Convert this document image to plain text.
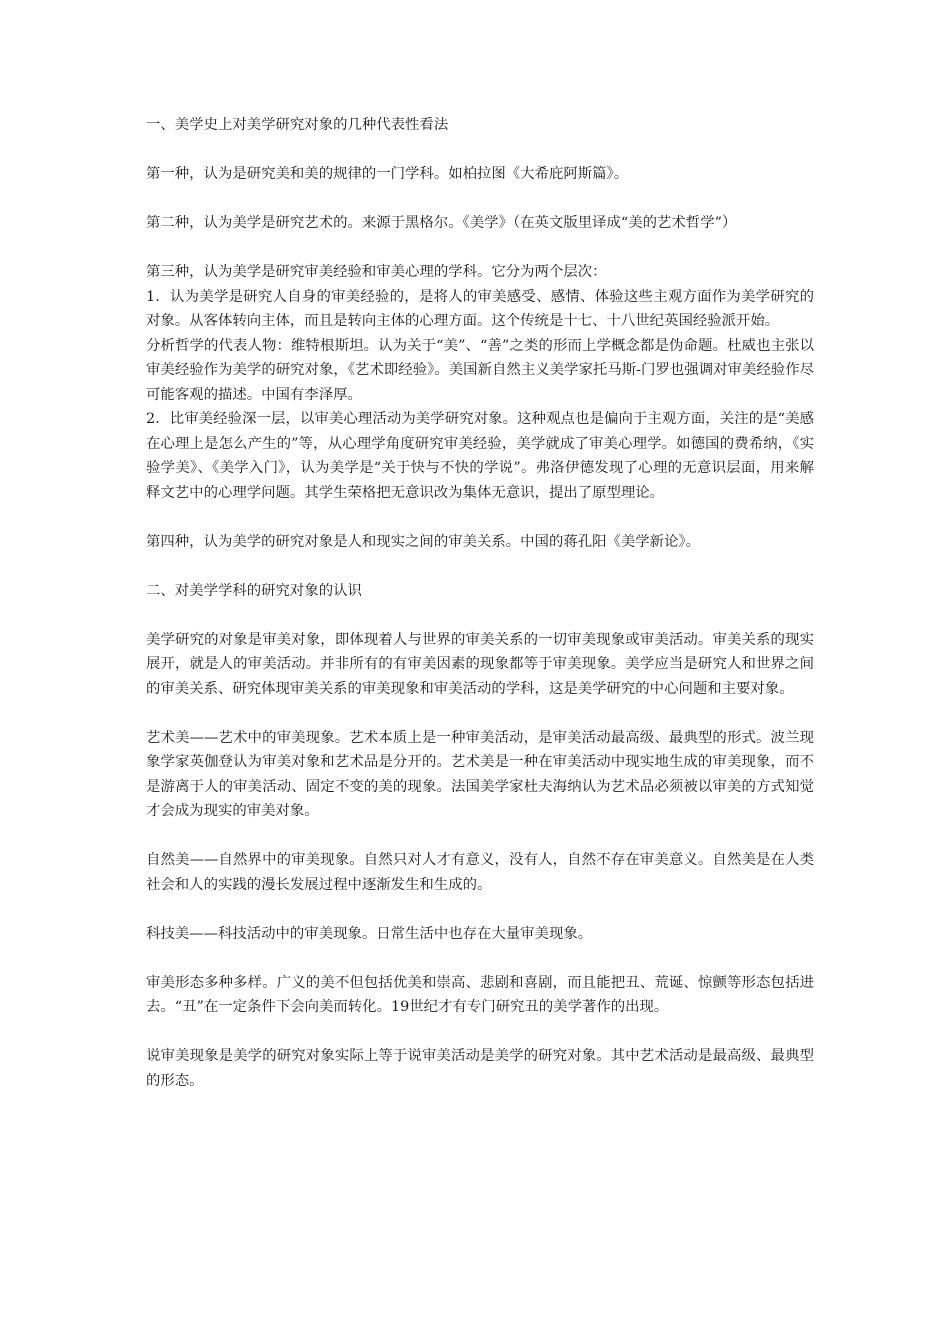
一、美学史上对美学研究对象的几种代表性看法

第一种，认为是研究美和美的规律的一门学科。如柏拉图《大希庇阿斯篇》。

第二种，认为美学是研究艺术的。来源于黑格尔。《美学》（在英文版里译成“美的艺术哲学”）

第三种，认为美学是研究审美经验和审美心理的学科。它分为两个层次：

1．认为美学是研究人自身的审美经验的，是将人的审美感受、感情、体验这些主观方面作为美学研究的对象。从客体转向主体，而且是转向主体的心理方面。这个传统是十七、十八世纪英国经验派开始。

分析哲学的代表人物：维特根斯坦。认为关于“美”、“善”之类的形而上学概念都是伪命题。杜威也主张以审美经验作为美学的研究对象，《艺术即经验》。美国新自然主义美学家托马斯-门罗也强调对审美经验作尽可能客观的描述。中国有李泽厚。

2．比审美经验深一层，以审美心理活动为美学研究对象。这种观点也是偏向于主观方面，关注的是“美感在心理上是怎么产生的”等，从心理学角度研究审美经验，美学就成了审美心理学。如德国的费希纳，《实验学美》、《美学入门》，认为美学是“关于快与不快的学说”。弗洛伊德发现了心理的无意识层面，用来解释文艺中的心理学问题。其学生荣格把无意识改为集体无意识，提出了原型理论。

第四种，认为美学的研究对象是人和现实之间的审美关系。中国的蒋孔阳《美学新论》。

二、对美学学科的研究对象的认识

美学研究的对象是审美对象，即体现着人与世界的审美关系的一切审美现象或审美活动。审美关系的现实展开，就是人的审美活动。并非所有的有审美因素的现象都等于审美现象。美学应当是研究人和世界之间的审美关系、研究体现审美关系的审美现象和审美活动的学科，这是美学研究的中心问题和主要对象。

艺术美——艺术中的审美现象。艺术本质上是一种审美活动，是审美活动最高级、最典型的形式。波兰现象学家英伽登认为审美对象和艺术品是分开的。艺术美是一种在审美活动中现实地生成的审美现象，而不是游离于人的审美活动、固定不变的美的现象。法国美学家杜夫海纳认为艺术品必须被以审美的方式知觉才会成为现实的审美对象。

自然美——自然界中的审美现象。自然只对人才有意义，没有人，自然不存在审美意义。自然美是在人类社会和人的实践的漫长发展过程中逐渐发生和生成的。

科技美——科技活动中的审美现象。日常生活中也存在大量审美现象。

审美形态多种多样。广义的美不但包括优美和崇高、悲剧和喜剧，而且能把丑、荒诞、惊颤等形态包括进去。“丑”在一定条件下会向美而转化。19世纪才有专门研究丑的美学著作的出现。

说审美现象是美学的研究对象实际上等于说审美活动是美学的研究对象。其中艺术活动是最高级、最典型的形态。
